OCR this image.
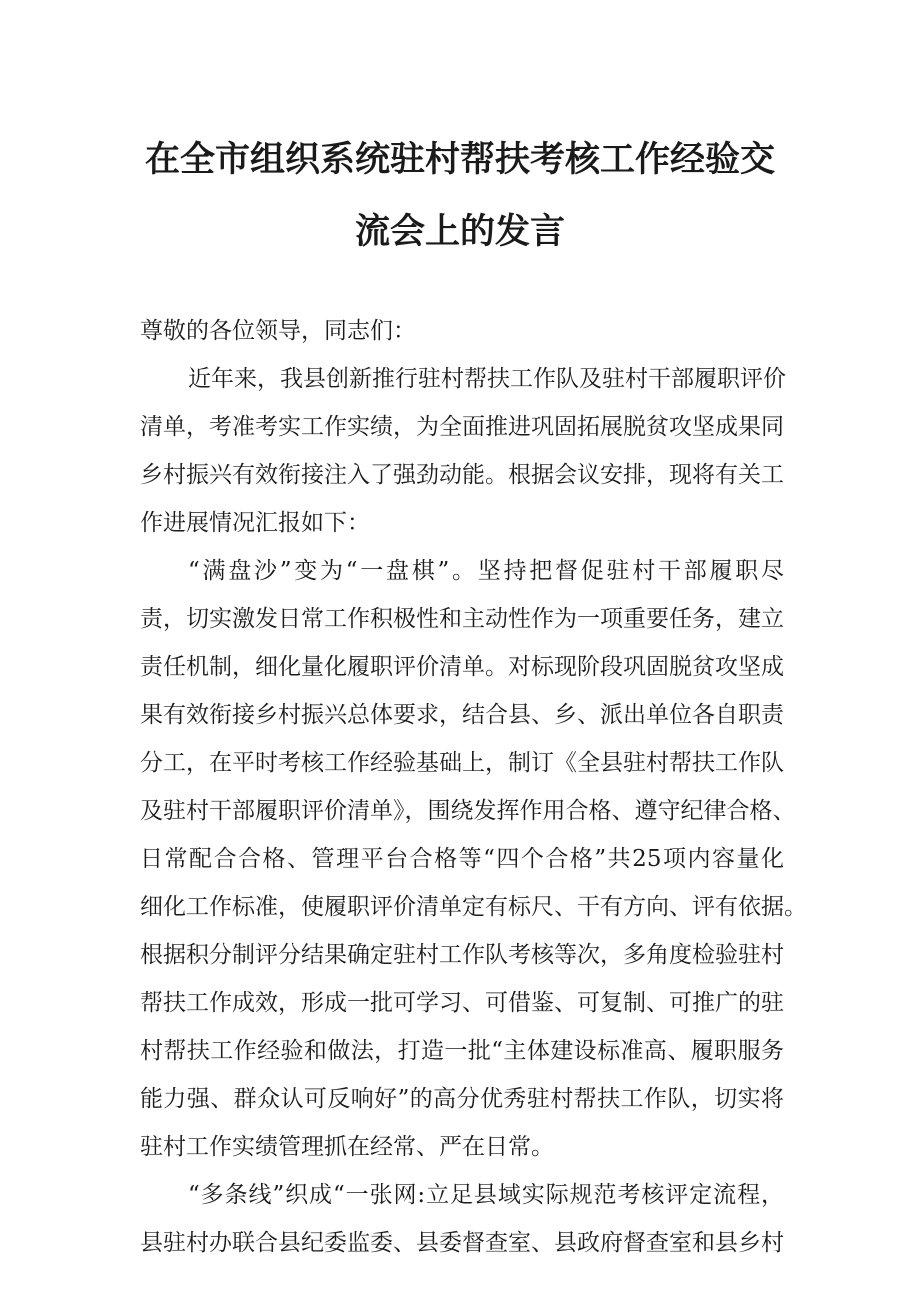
在全市组织系统驻村帮扶考核工作经验交
流会上的发言
尊敬的各位领导，同志们：
近年来，我县创新推行驻村帮扶工作队及驻村干部履职评价
清单，考准考实工作实绩，为全面推进巩固拓展脱贫攻坚成果同
乡村振兴有效衔接注入了强劲动能。根据会议安排，现将有关工
作进展情况汇报如下：
“满盘沙”变为“一盘棋”。坚持把督促驻村干部履职尽
责，切实激发日常工作积极性和主动性作为一项重要任务，建立
责任机制，细化量化履职评价清单。对标现阶段巩固脱贫攻坚成
果有效衔接乡村振兴总体要求，结合县、乡、派出单位各自职责
分工，在平时考核工作经验基础上，制订《全县驻村帮扶工作队
及驻村干部履职评价清单》，围绕发挥作用合格、遵守纪律合格、
日常配合合格、管理平台合格等“四个合格”共25项内容量化
细化工作标准，使履职评价清单定有标尺、干有方向、评有依据。
根据积分制评分结果确定驻村工作队考核等次，多角度检验驻村
帮扶工作成效，形成一批可学习、可借鉴、可复制、可推广的驻
村帮扶工作经验和做法，打造一批“主体建设标准高、履职服务
能力强、群众认可反响好”的高分优秀驻村帮扶工作队，切实将
驻村工作实绩管理抓在经常、严在日常。
“多条线”织成“一张网:立足县域实际规范考核评定流程，
县驻村办联合县纪委监委、县委督查室、县政府督查室和县乡村
